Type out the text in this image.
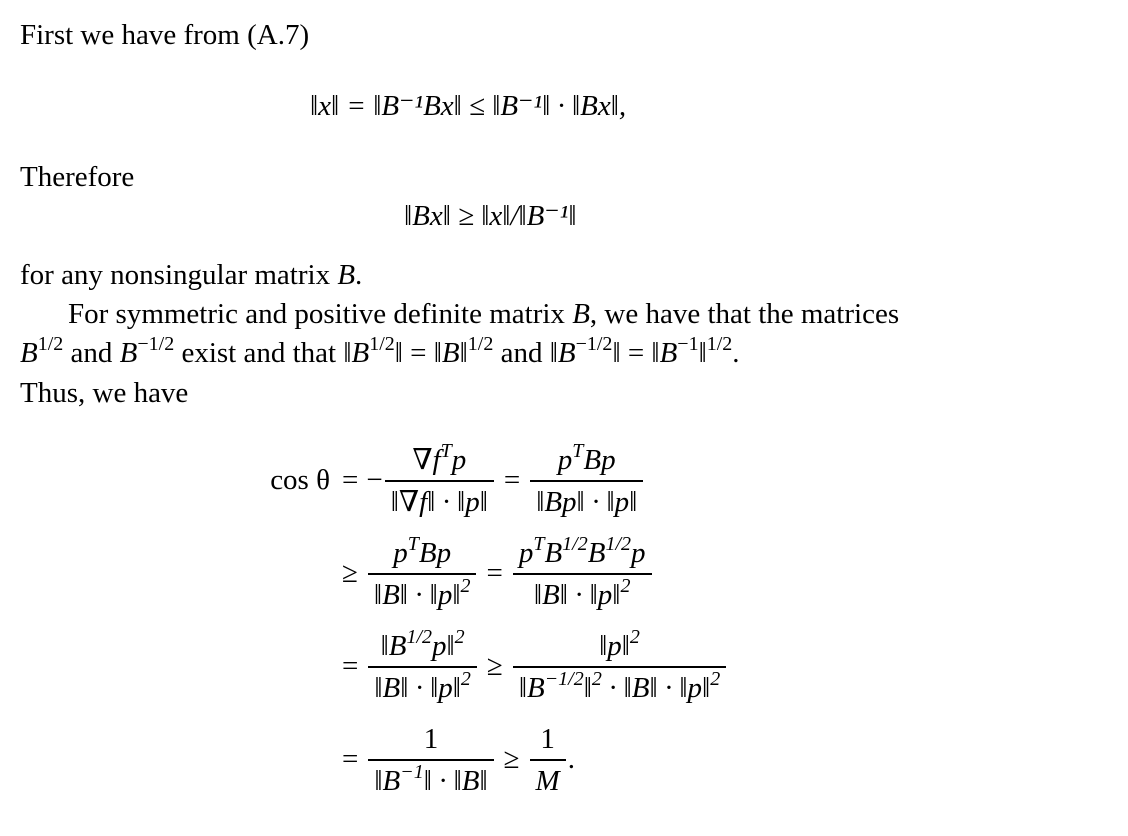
First we have from (A.7)
‖x‖ = ‖B⁻¹Bx‖ ≤ ‖B⁻¹‖ · ‖Bx‖,
Therefore
‖Bx‖ ≥ ‖x‖/‖B⁻¹‖
for any nonsingular matrix B.
For symmetric and positive definite matrix B, we have that the matrices
$B^{1/2}$ and $B^{-1/2}$ exist and that $‖B^{1/2}‖$ = ‖B‖$^{1/2}$ and $‖B^{-1/2}‖$ = $‖B^{-1}‖^{1/2}$.
Thus, we have
cos θ = − $\frac{\nabla f^Tp}{‖\nabla f‖ \cdot ‖p‖} = \frac{p^TBp}{‖Bp‖ \cdot ‖p‖}$
≥ $\frac{p^TBp}{‖B‖ \cdot ‖p‖^2} = \frac{p^TB^{1/2}B^{1/2}p}{‖B‖ \cdot ‖p‖^2}$
= $\frac{‖B^{1/2}p‖^2}{‖B‖ \cdot ‖p‖^2} \ge \frac{‖p‖^2}{‖B^{-1/2}‖^2 \cdot ‖B‖ \cdot ‖p‖^2}$
= $\frac{1}{‖B^{-1}‖ \cdot ‖B‖} \ge \frac{1}{M}$ .
